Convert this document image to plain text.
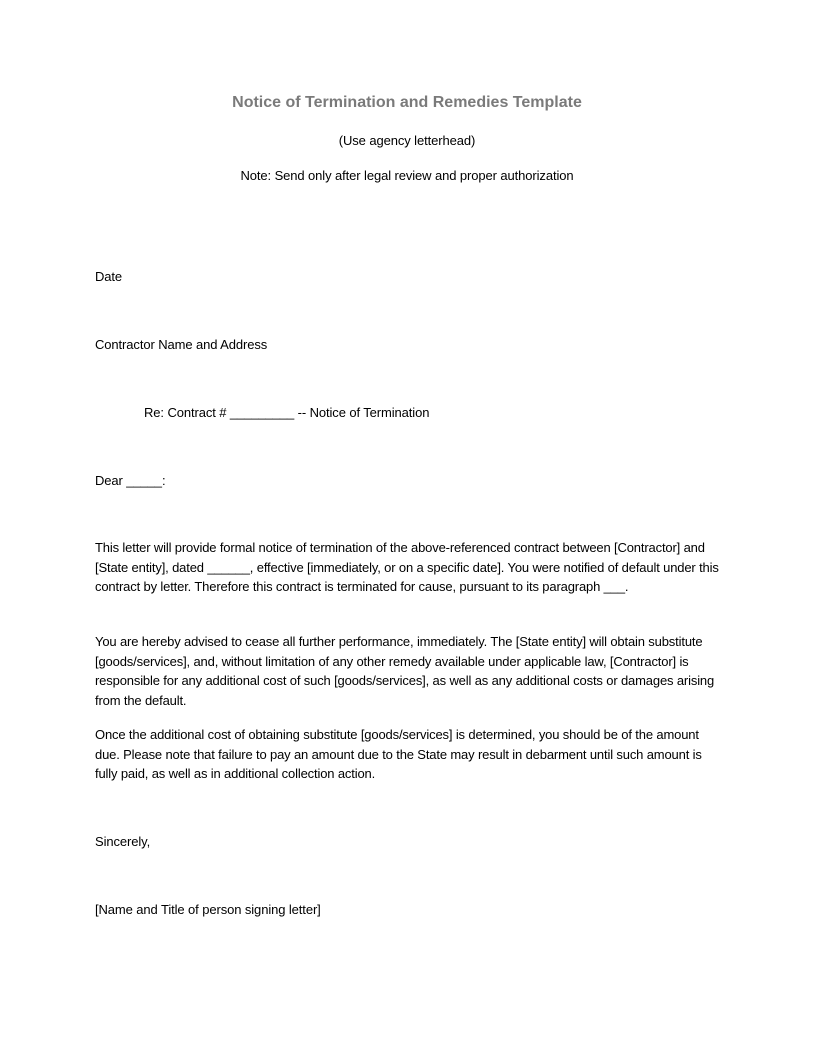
Notice of Termination and Remedies Template
(Use agency letterhead)
Note: Send only after legal review and proper authorization
Date
Contractor Name and Address
Re: Contract # _________ -- Notice of Termination
Dear _____:
This letter will provide formal notice of termination of the above-referenced contract between [Contractor] and [State entity], dated ______, effective [immediately, or on a specific date]. You were notified of default under this contract by letter. Therefore this contract is terminated for cause, pursuant to its paragraph ___.
You are hereby advised to cease all further performance, immediately. The [State entity] will obtain substitute [goods/services], and, without limitation of any other remedy available under applicable law, [Contractor] is responsible for any additional cost of such [goods/services], as well as any additional costs or damages arising from the default.
Once the additional cost of obtaining substitute [goods/services] is determined, you should be of the amount due. Please note that failure to pay an amount due to the State may result in debarment until such amount is fully paid, as well as in additional collection action.
Sincerely,
[Name and Title of person signing letter]
